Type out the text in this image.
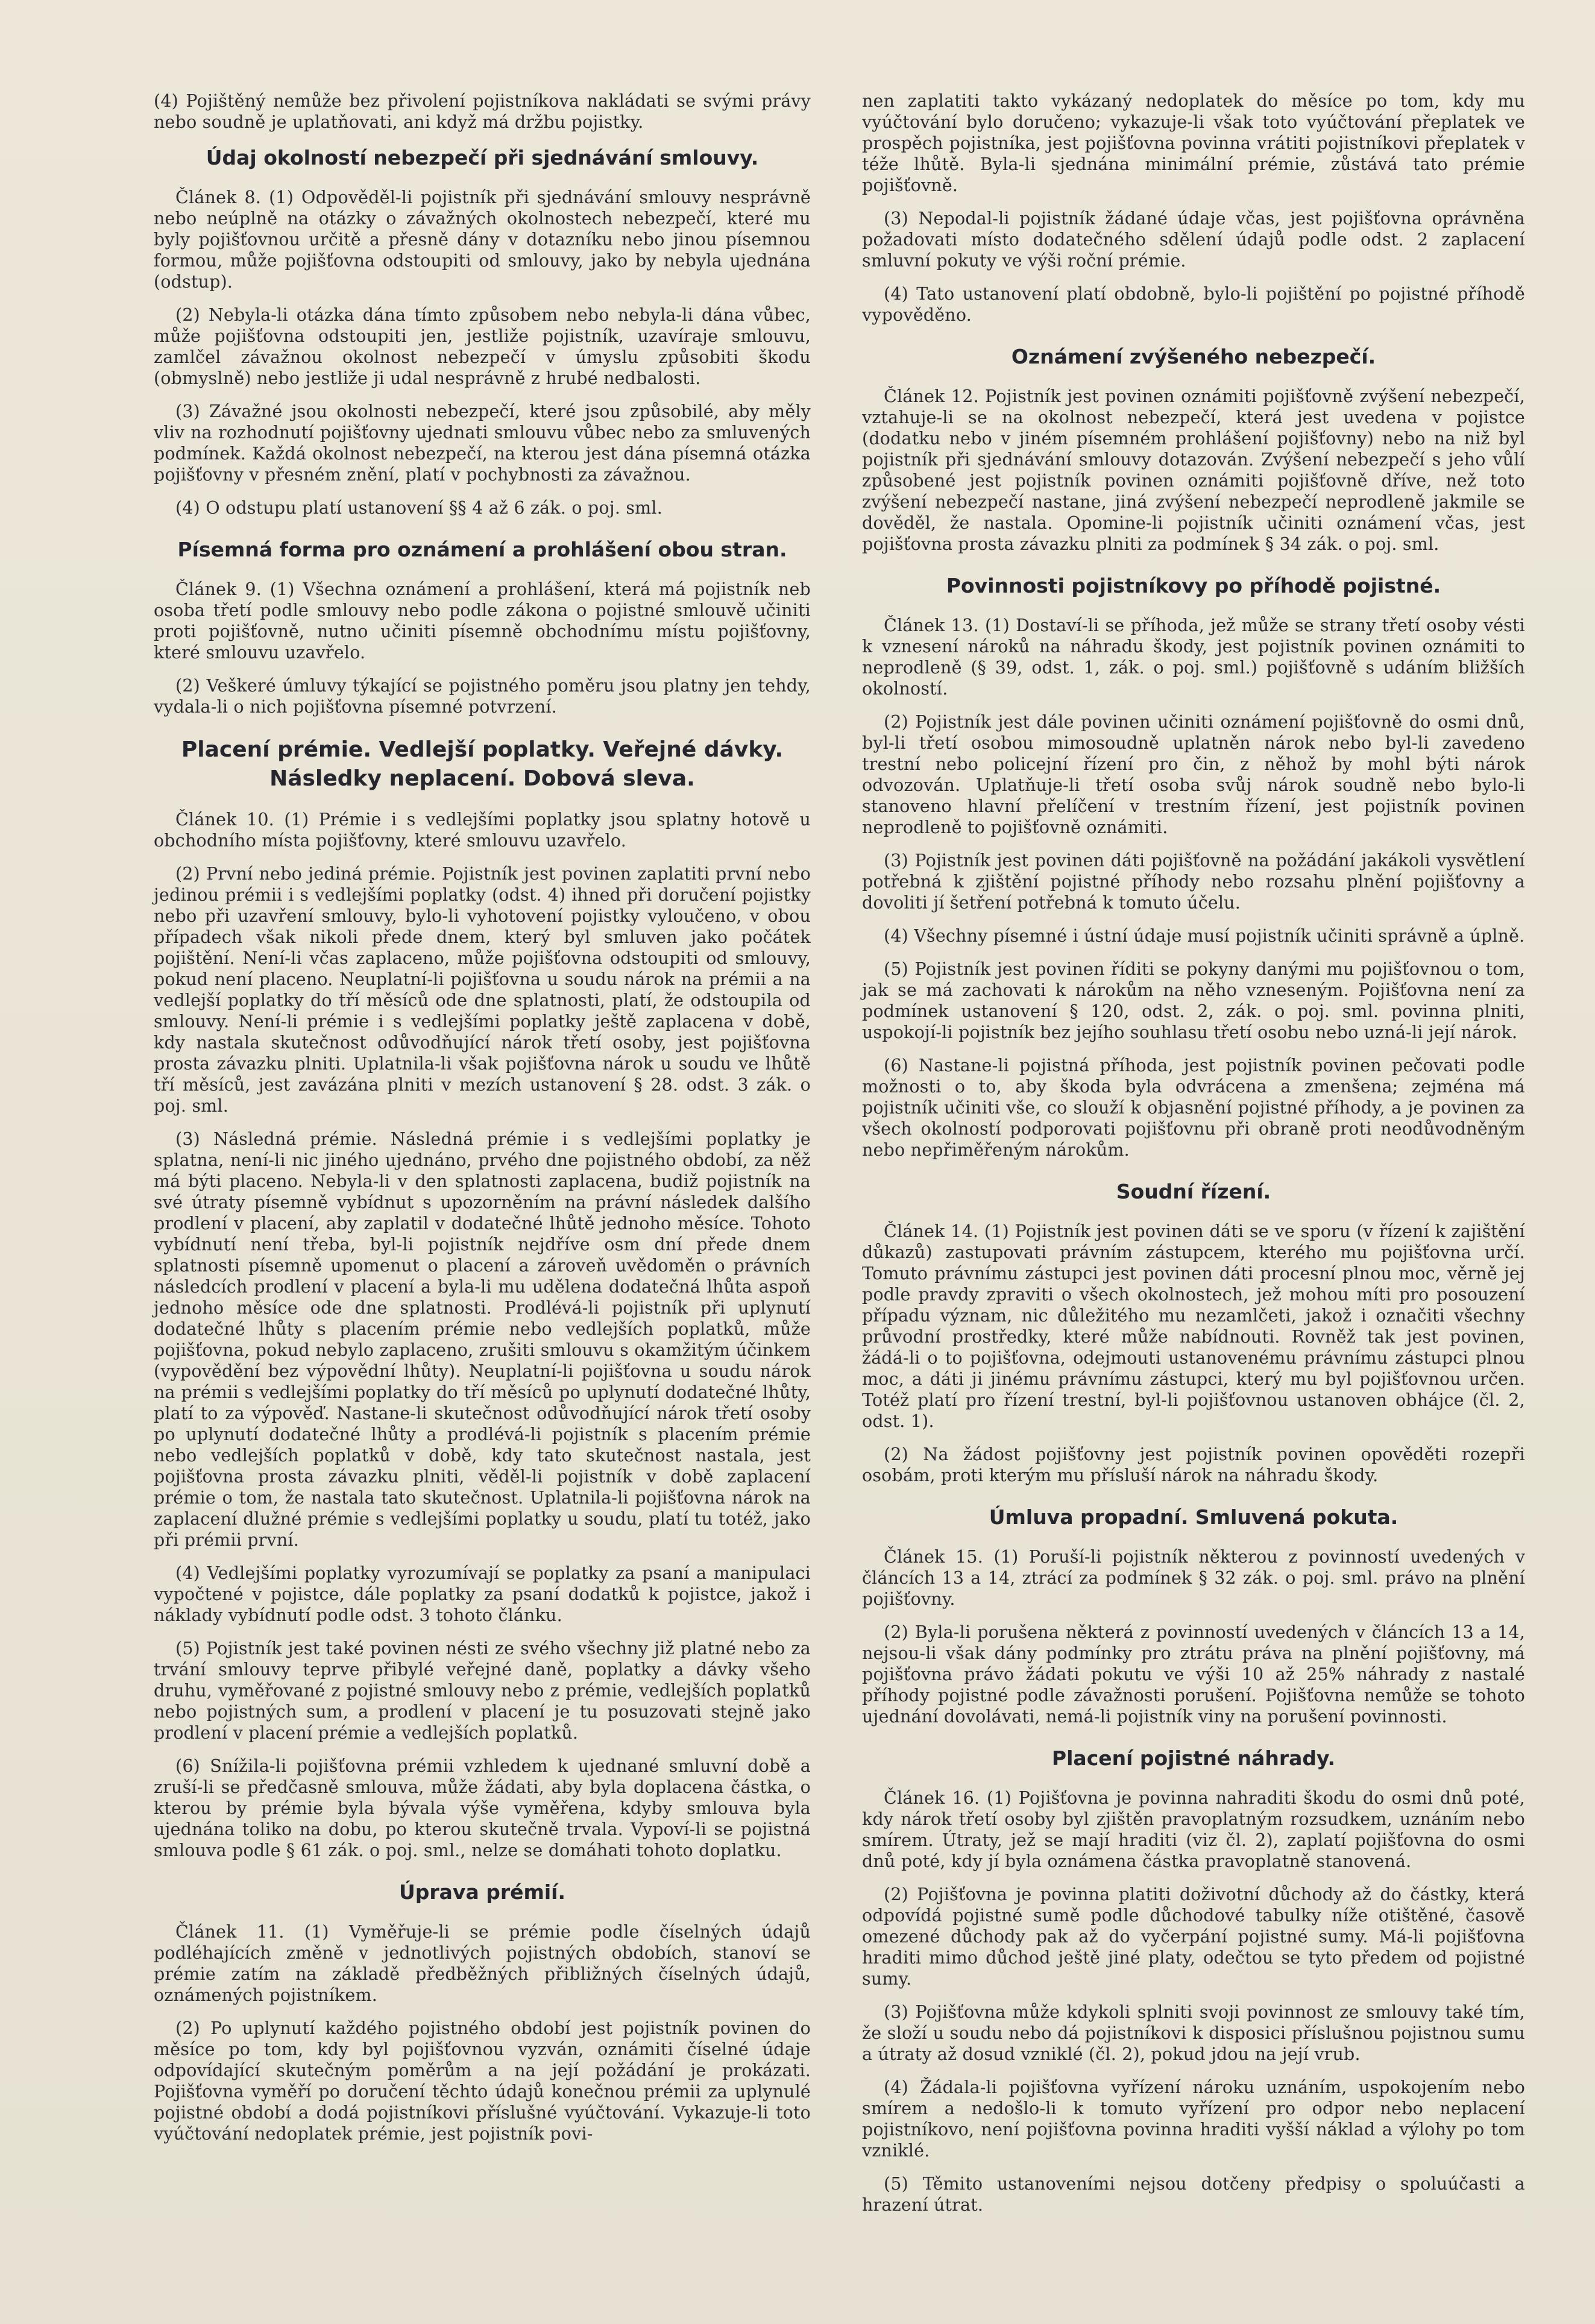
(4) Pojištěný nemůže bez přivolení pojistníkova nakládati se svými právy nebo soudně je uplatňovati, ani když má držbu pojistky.

Údaj okolností nebezpečí při sjednávání smlouvy.

Článek 8. (1) Odpověděl-li pojistník při sjednávání smlouvy nesprávně nebo neúplně na otázky o závažných okolnostech nebezpečí, které mu byly pojišťovnou určitě a přesně dány v dotazníku nebo jinou písemnou formou, může pojišťovna odstoupiti od smlouvy, jako by nebyla ujednána (odstup).

(2) Nebyla-li otázka dána tímto způsobem nebo nebyla-li dána vůbec, může pojišťovna odstoupiti jen, jestliže pojistník, uzavíraje smlouvu, zamlčel závažnou okolnost nebezpečí v úmyslu způsobiti škodu (obmyslně) nebo jestliže ji udal nesprávně z hrubé nedbalosti.

(3) Závažné jsou okolnosti nebezpečí, které jsou způsobilé, aby měly vliv na rozhodnutí pojišťovny ujednati smlouvu vůbec nebo za smluvených podmínek. Každá okolnost nebezpečí, na kterou jest dána písemná otázka pojišťovny v přesném znění, platí v pochybnosti za závažnou.

(4) O odstupu platí ustanovení §§ 4 až 6 zák. o poj. sml.

Písemná forma pro oznámení a prohlášení obou stran.

Článek 9. (1) Všechna oznámení a prohlášení, která má pojistník neb osoba třetí podle smlouvy nebo podle zákona o pojistné smlouvě učiniti proti pojišťovně, nutno učiniti písemně obchodnímu místu pojišťovny, které smlouvu uzavřelo.

(2) Veškeré úmluvy týkající se pojistného poměru jsou platny jen tehdy, vydala-li o nich pojišťovna písemné potvrzení.

Placení prémie. Vedlejší poplatky. Veřejné dávky. Následky neplacení. Dobová sleva.

Článek 10. (1) Prémie i s vedlejšími poplatky jsou splatny hotově u obchodního místa pojišťovny, které smlouvu uzavřelo.

(2) První nebo jediná prémie. Pojistník jest povinen zaplatiti první nebo jedinou prémii i s vedlejšími poplatky (odst. 4) ihned při doručení pojistky nebo při uzavření smlouvy, bylo-li vyhotovení pojistky vyloučeno, v obou případech však nikoli přede dnem, který byl smluven jako počátek pojištění. Není-li včas zaplaceno, může pojišťovna odstoupiti od smlouvy, pokud není placeno. Neuplatní-li pojišťovna u soudu nárok na prémii a na vedlejší poplatky do tří měsíců ode dne splatnosti, platí, že odstoupila od smlouvy. Není-li prémie i s vedlejšími poplatky ještě zaplacena v době, kdy nastala skutečnost odůvodňující nárok třetí osoby, jest pojišťovna prosta závazku plniti. Uplatnila-li však pojišťovna nárok u soudu ve lhůtě tří měsíců, jest zavázána plniti v mezích ustanovení § 28. odst. 3 zák. o poj. sml.

(3) Následná prémie. Následná prémie i s vedlejšími poplatky je splatna, není-li nic jiného ujednáno, prvého dne pojistného období, za něž má býti placeno. Nebyla-li v den splatnosti zaplacena, budiž pojistník na své útraty písemně vybídnut s upozorněním na právní následek dalšího prodlení v placení, aby zaplatil v dodatečné lhůtě jednoho měsíce. Tohoto vybídnutí není třeba, byl-li pojistník nejdříve osm dní přede dnem splatnosti písemně upomenut o placení a zároveň uvědoměn o právních následcích prodlení v placení a byla-li mu udělena dodatečná lhůta aspoň jednoho měsíce ode dne splatnosti. Prodlévá-li pojistník při uplynutí dodatečné lhůty s placením prémie nebo vedlejších poplatků, může pojišťovna, pokud nebylo zaplaceno, zrušiti smlouvu s okamžitým účinkem (vypovědění bez výpovědní lhůty). Neuplatní-li pojišťovna u soudu nárok na prémii s vedlejšími poplatky do tří měsíců po uplynutí dodatečné lhůty, platí to za výpověď. Nastane-li skutečnost odůvodňující nárok třetí osoby po uplynutí dodatečné lhůty a prodlévá-li pojistník s placením prémie nebo vedlejších poplatků v době, kdy tato skutečnost nastala, jest pojišťovna prosta závazku plniti, věděl-li pojistník v době zaplacení prémie o tom, že nastala tato skutečnost. Uplatnila-li pojišťovna nárok na zaplacení dlužné prémie s vedlejšími poplatky u soudu, platí tu totéž, jako při prémii první.

(4) Vedlejšími poplatky vyrozumívají se poplatky za psaní a manipulaci vypočtené v pojistce, dále poplatky za psaní dodatků k pojistce, jakož i náklady vybídnutí podle odst. 3 tohoto článku.

(5) Pojistník jest také povinen nésti ze svého všechny již platné nebo za trvání smlouvy teprve přibylé veřejné daně, poplatky a dávky všeho druhu, vyměřované z pojistné smlouvy nebo z prémie, vedlejších poplatků nebo pojistných sum, a prodlení v placení je tu posuzovati stejně jako prodlení v placení prémie a vedlejších poplatků.

(6) Snížila-li pojišťovna prémii vzhledem k ujednané smluvní době a zruší-li se předčasně smlouva, může žádati, aby byla doplacena částka, o kterou by prémie byla bývala výše vyměřena, kdyby smlouva byla ujednána toliko na dobu, po kterou skutečně trvala. Vypoví-li se pojistná smlouva podle § 61 zák. o poj. sml., nelze se domáhati tohoto doplatku.

Úprava prémií.

Článek 11. (1) Vyměřuje-li se prémie podle číselných údajů podléhajících změně v jednotlivých pojistných obdobích, stanoví se prémie zatím na základě předběžných přibližných číselných údajů, oznámených pojistníkem.

(2) Po uplynutí každého pojistného období jest pojistník povinen do měsíce po tom, kdy byl pojišťovnou vyzván, oznámiti číselné údaje odpovídající skutečným poměrům a na její požádání je prokázati. Pojišťovna vyměří po doručení těchto údajů konečnou prémii za uplynulé pojistné období a dodá pojistníkovi příslušné vyúčtování. Vykazuje-li toto vyúčtování nedoplatek prémie, jest pojistník povi-

nen zaplatiti takto vykázaný nedoplatek do měsíce po tom, kdy mu vyúčtování bylo doručeno; vykazuje-li však toto vyúčtování přeplatek ve prospěch pojistníka, jest pojišťovna povinna vrátiti pojistníkovi přeplatek v téže lhůtě. Byla-li sjednána minimální prémie, zůstává tato prémie pojišťovně.

(3) Nepodal-li pojistník žádané údaje včas, jest pojišťovna oprávněna požadovati místo dodatečného sdělení údajů podle odst. 2 zaplacení smluvní pokuty ve výši roční prémie.

(4) Tato ustanovení platí obdobně, bylo-li pojištění po pojistné příhodě vypověděno.

Oznámení zvýšeného nebezpečí.

Článek 12. Pojistník jest povinen oznámiti pojišťovně zvýšení nebezpečí, vztahuje-li se na okolnost nebezpečí, která jest uvedena v pojistce (dodatku nebo v jiném písemném prohlášení pojišťovny) nebo na niž byl pojistník při sjednávání smlouvy dotazován. Zvýšení nebezpečí s jeho vůlí způsobené jest pojistník povinen oznámiti pojišťovně dříve, než toto zvýšení nebezpečí nastane, jiná zvýšení nebezpečí neprodleně jakmile se dověděl, že nastala. Opomine-li pojistník učiniti oznámení včas, jest pojišťovna prosta závazku plniti za podmínek § 34 zák. o poj. sml.

Povinnosti pojistníkovy po příhodě pojistné.

Článek 13. (1) Dostaví-li se příhoda, jež může se strany třetí osoby vésti k vznesení nároků na náhradu škody, jest pojistník povinen oznámiti to neprodleně (§ 39, odst. 1, zák. o poj. sml.) pojišťovně s udáním bližších okolností.

(2) Pojistník jest dále povinen učiniti oznámení pojišťovně do osmi dnů, byl-li třetí osobou mimosoudně uplatněn nárok nebo byl-li zavedeno trestní nebo policejní řízení pro čin, z něhož by mohl býti nárok odvozován. Uplatňuje-li třetí osoba svůj nárok soudně nebo bylo-li stanoveno hlavní přelíčení v trestním řízení, jest pojistník povinen neprodleně to pojišťovně oznámiti.

(3) Pojistník jest povinen dáti pojišťovně na požádání jakákoli vysvětlení potřebná k zjištění pojistné příhody nebo rozsahu plnění pojišťovny a dovoliti jí šetření potřebná k tomuto účelu.

(4) Všechny písemné i ústní údaje musí pojistník učiniti správně a úplně.

(5) Pojistník jest povinen říditi se pokyny danými mu pojišťovnou o tom, jak se má zachovati k nárokům na něho vzneseným. Pojišťovna není za podmínek ustanovení § 120, odst. 2, zák. o poj. sml. povinna plniti, uspokojí-li pojistník bez jejího souhlasu třetí osobu nebo uzná-li její nárok.

(6) Nastane-li pojistná příhoda, jest pojistník povinen pečovati podle možnosti o to, aby škoda byla odvrácena a zmenšena; zejména má pojistník učiniti vše, co slouží k objasnění pojistné příhody, a je povinen za všech okolností podporovati pojišťovnu při obraně proti neodůvodněným nebo nepřiměřeným nárokům.

Soudní řízení.

Článek 14. (1) Pojistník jest povinen dáti se ve sporu (v řízení k zajištění důkazů) zastupovati právním zástupcem, kterého mu pojišťovna určí. Tomuto právnímu zástupci jest povinen dáti procesní plnou moc, věrně jej podle pravdy zpraviti o všech okolnostech, jež mohou míti pro posouzení případu význam, nic důležitého mu nezamlčeti, jakož i označiti všechny průvodní prostředky, které může nabídnouti. Rovněž tak jest povinen, žádá-li o to pojišťovna, odejmouti ustanovenému právnímu zástupci plnou moc, a dáti ji jinému právnímu zástupci, který mu byl pojišťovnou určen. Totéž platí pro řízení trestní, byl-li pojišťovnou ustanoven obhájce (čl. 2, odst. 1).

(2) Na žádost pojišťovny jest pojistník povinen opověděti rozepři osobám, proti kterým mu přísluší nárok na náhradu škody.

Úmluva propadní. Smluvená pokuta.

Článek 15. (1) Poruší-li pojistník některou z povinností uvedených v článcích 13 a 14, ztrácí za podmínek § 32 zák. o poj. sml. právo na plnění pojišťovny.

(2) Byla-li porušena některá z povinností uvedených v článcích 13 a 14, nejsou-li však dány podmínky pro ztrátu práva na plnění pojišťovny, má pojišťovna právo žádati pokutu ve výši 10 až 25% náhrady z nastalé příhody pojistné podle závažnosti porušení. Pojišťovna nemůže se tohoto ujednání dovolávati, nemá-li pojistník viny na porušení povinnosti.

Placení pojistné náhrady.

Článek 16. (1) Pojišťovna je povinna nahraditi škodu do osmi dnů poté, kdy nárok třetí osoby byl zjištěn pravoplatným rozsudkem, uznáním nebo smírem. Útraty, jež se mají hraditi (viz čl. 2), zaplatí pojišťovna do osmi dnů poté, kdy jí byla oznámena částka pravoplatně stanovená.

(2) Pojišťovna je povinna platiti doživotní důchody až do částky, která odpovídá pojistné sumě podle důchodové tabulky níže otištěné, časově omezené důchody pak až do vyčerpání pojistné sumy. Má-li pojišťovna hraditi mimo důchod ještě jiné platy, odečtou se tyto předem od pojistné sumy.

(3) Pojišťovna může kdykoli splniti svoji povinnost ze smlouvy také tím, že složí u soudu nebo dá pojistníkovi k disposici příslušnou pojistnou sumu a útraty až dosud vzniklé (čl. 2), pokud jdou na její vrub.

(4) Žádala-li pojišťovna vyřízení nároku uznáním, uspokojením nebo smírem a nedošlo-li k tomuto vyřízení pro odpor nebo neplacení pojistníkovo, není pojišťovna povinna hraditi vyšší náklad a výlohy po tom vzniklé.

(5) Těmito ustanoveními nejsou dotčeny předpisy o spoluúčasti a hrazení útrat.
